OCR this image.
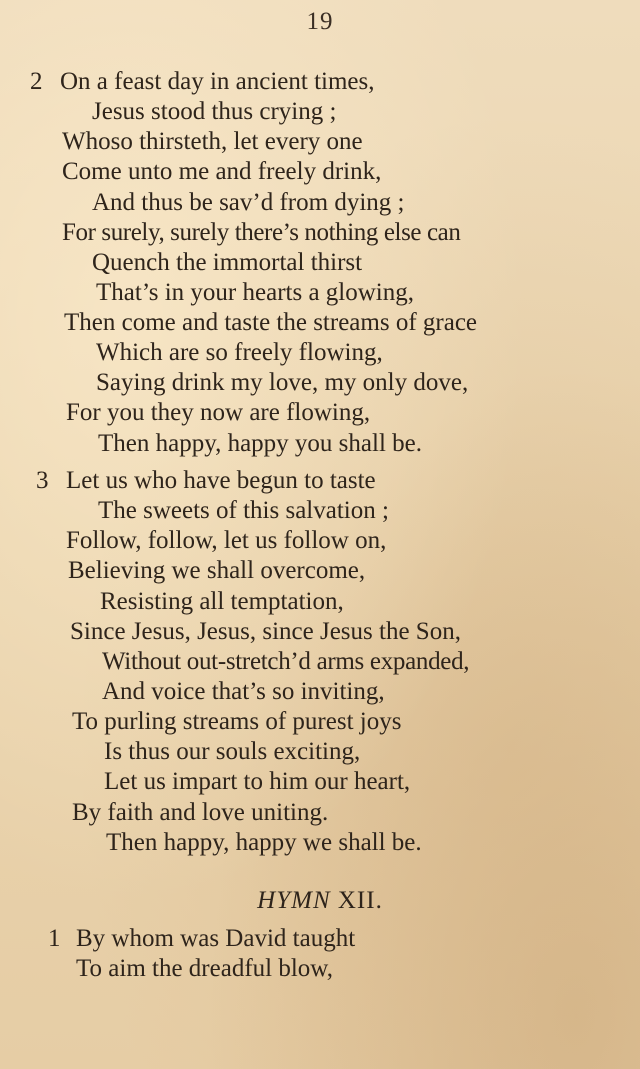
19
2 On a feast day in ancient times,
Jesus stood thus crying ;
Whoso thirsteth, let every one
Come unto me and freely drink,
And thus be sav’d from dying ;
For surely, surely there’s nothing else can
Quench the immortal thirst
That’s in your hearts a glowing,
Then come and taste the streams of grace
Which are so freely flowing,
Saying drink my love, my only dove,
For you they now are flowing,
Then happy, happy you shall be.
3 Let us who have begun to taste
The sweets of this salvation ;
Follow, follow, let us follow on,
Believing we shall overcome,
Resisting all temptation,
Since Jesus, Jesus, since Jesus the Son,
Without out-stretch’d arms expanded,
And voice that’s so inviting,
To purling streams of purest joys
Is thus our souls exciting,
Let us impart to him our heart,
By faith and love uniting.
Then happy, happy we shall be.
HYMN XII.
1 By whom was David taught
To aim the dreadful blow,
